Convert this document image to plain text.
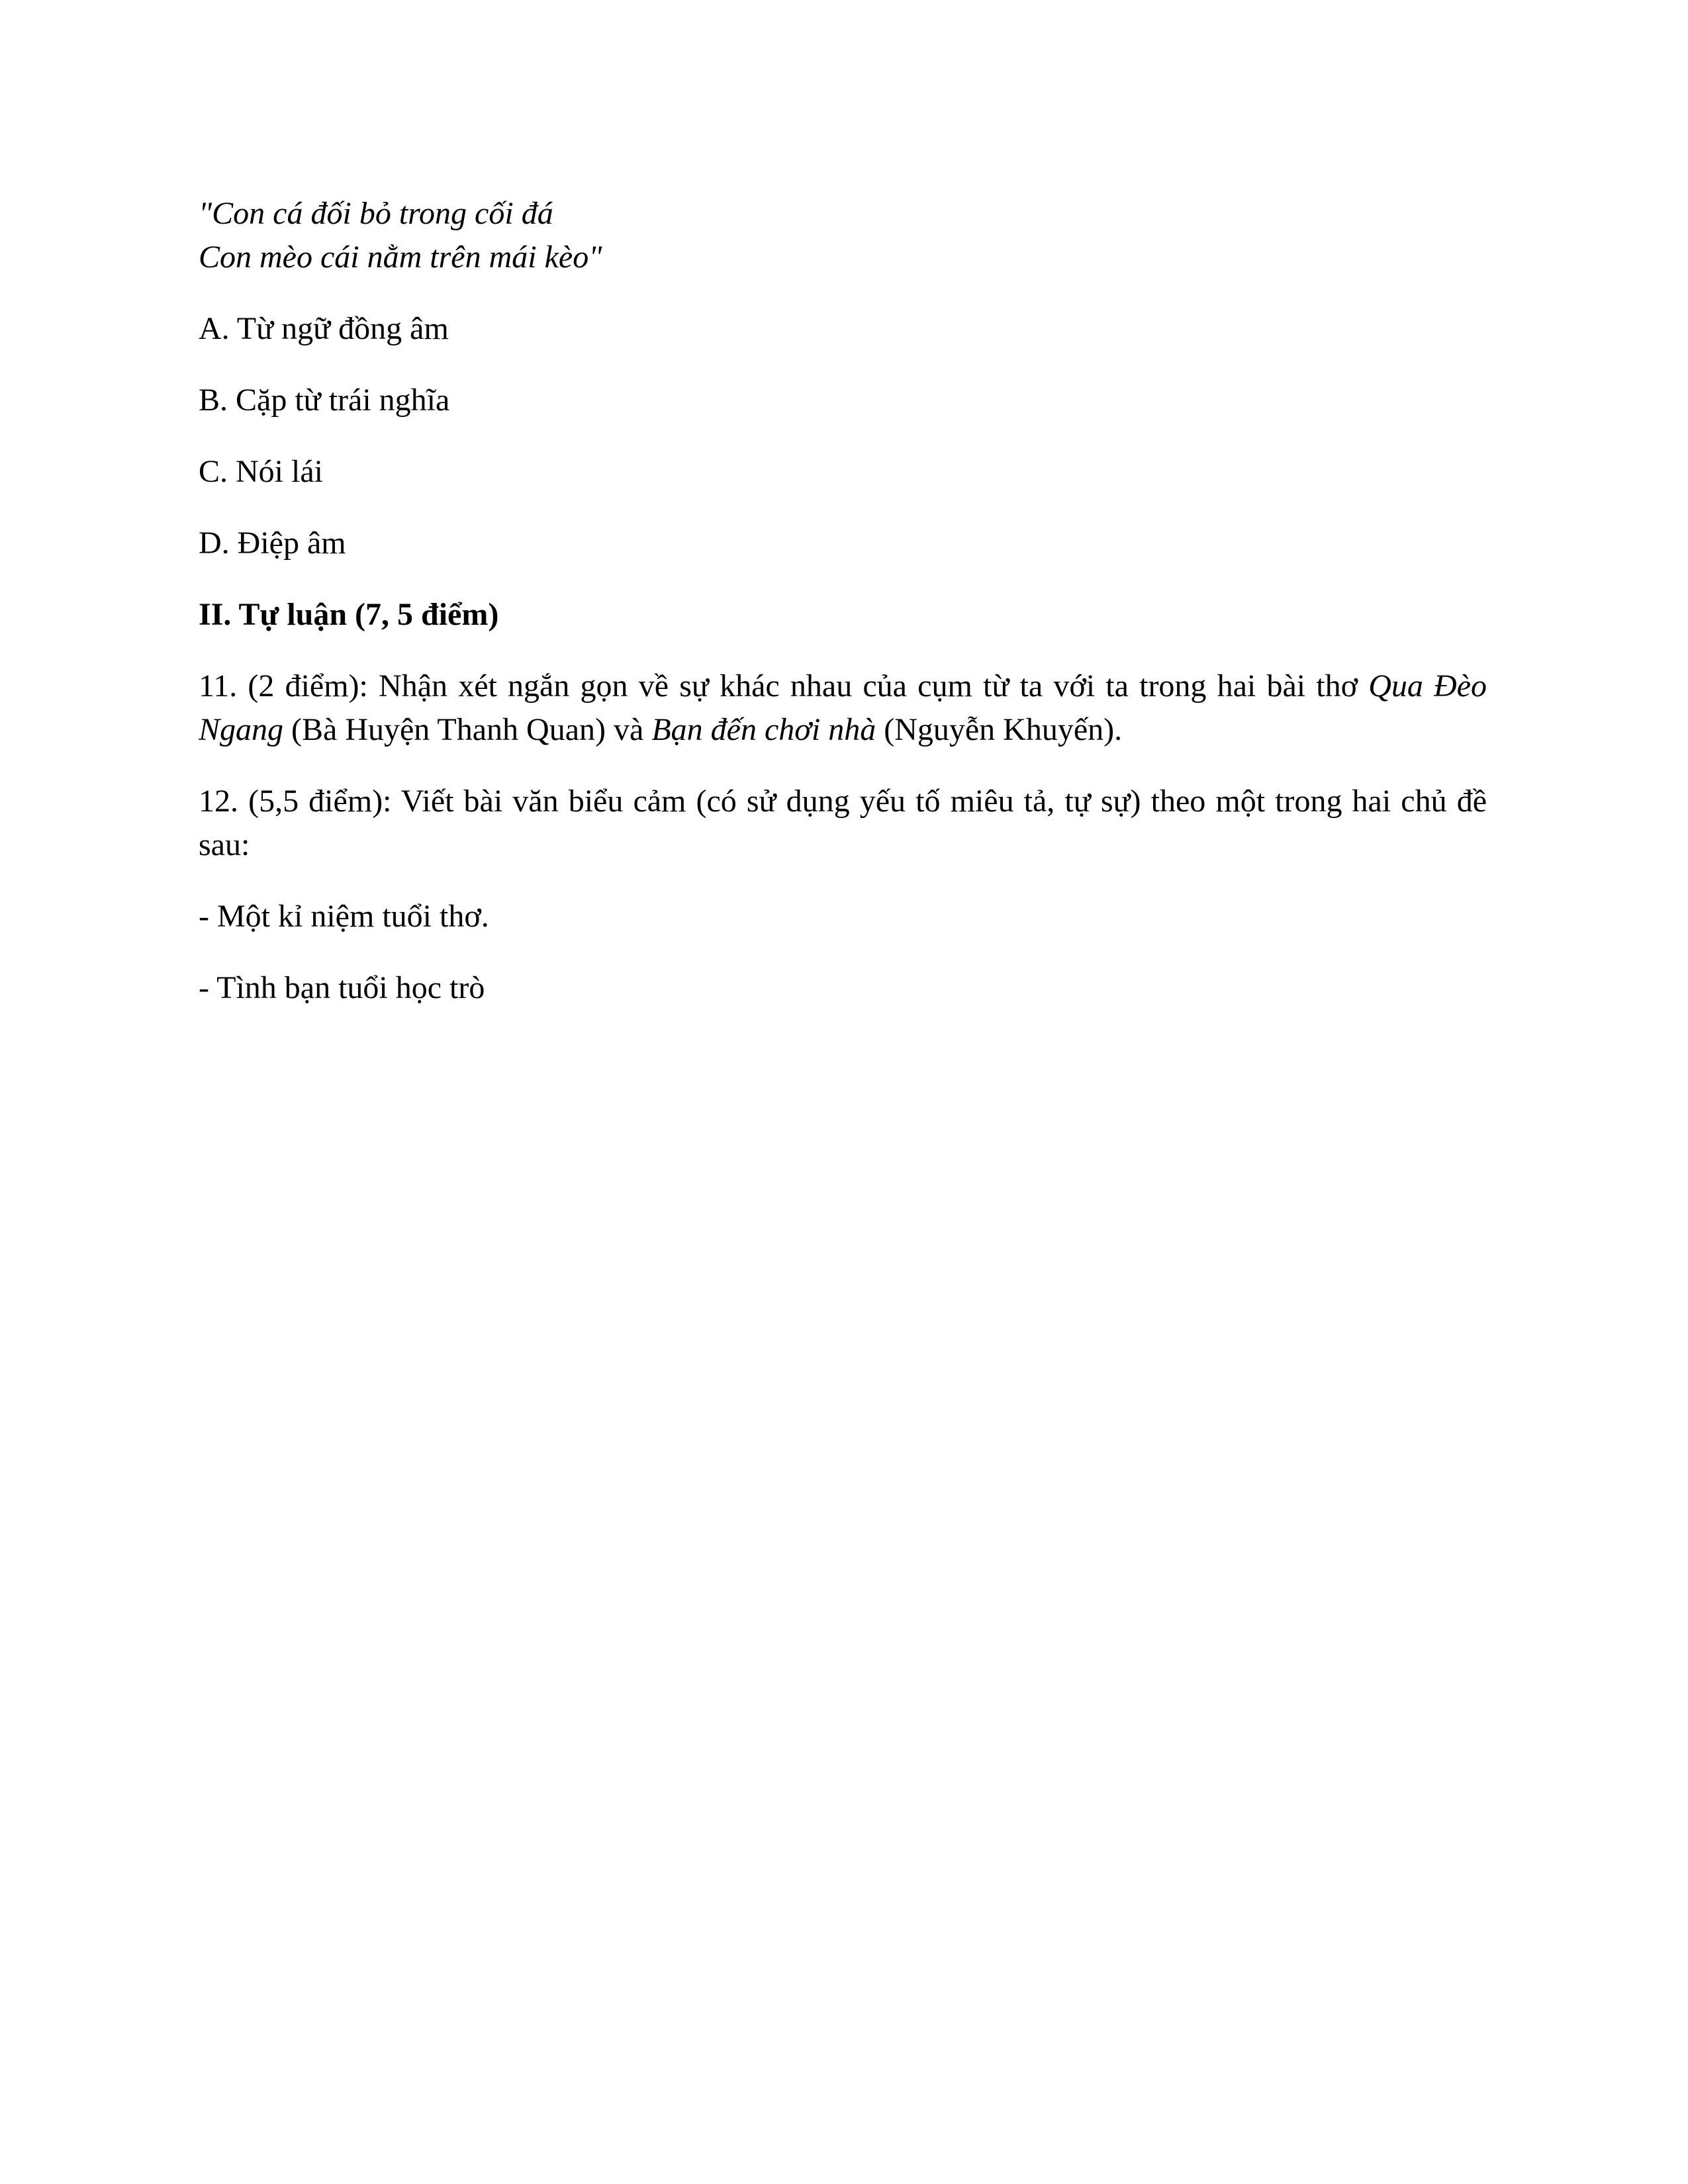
"Con cá đối bỏ trong cối đá
Con mèo cái nằm trên mái kèo"

A. Từ ngữ đồng âm

B. Cặp từ trái nghĩa

C. Nói lái

D. Điệp âm

II. Tự luận (7, 5 điểm)

11. (2 điểm): Nhận xét ngắn gọn về sự khác nhau của cụm từ ta với ta trong hai bài thơ Qua Đèo Ngang (Bà Huyện Thanh Quan) và Bạn đến chơi nhà (Nguyễn Khuyến).

12. (5,5 điểm): Viết bài văn biểu cảm (có sử dụng yếu tố miêu tả, tự sự) theo một trong hai chủ đề sau:

- Một kỉ niệm tuổi thơ.

- Tình bạn tuổi học trò
